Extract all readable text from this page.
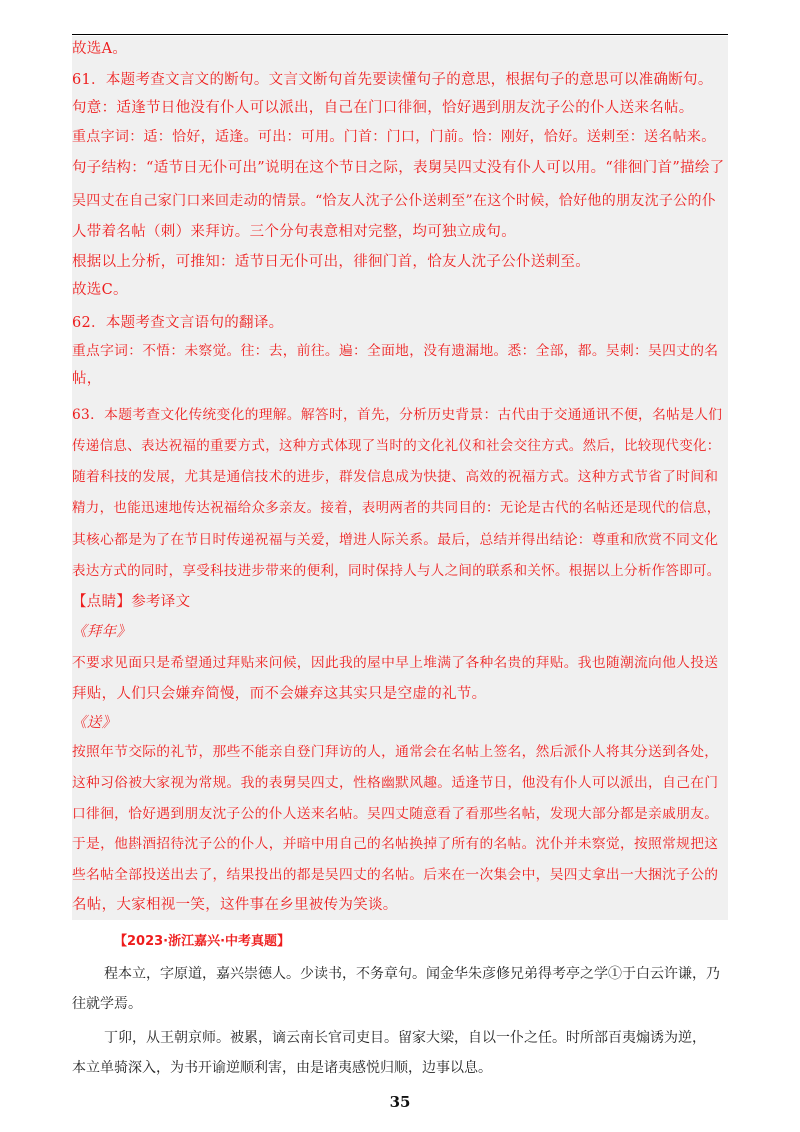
故选A。

61．本题考查文言文的断句。文言文断句首先要读懂句子的意思，根据句子的意思可以准确断句。

句意：适逢节日他没有仆人可以派出，自己在门口徘徊，恰好遇到朋友沈子公的仆人送来名帖。

重点字词：适：恰好，适逢。可出：可用。门首：门口，门前。恰：刚好，恰好。送剌至：送名帖来。

句子结构：“适节日无仆可出”说明在这个节日之际，表舅吴四丈没有仆人可以用。“徘徊门首”描绘了

吴四丈在自己家门口来回走动的情景。“恰友人沈子公仆送剌至”在这个时候，恰好他的朋友沈子公的仆

人带着名帖（刺）来拜访。三个分句表意相对完整，均可独立成句。

根据以上分析，可推知：适节日无仆可出，徘徊门首，恰友人沈子公仆送剌至。

故选C。

62．本题考查文言语句的翻译。

重点字词：不悟：未察觉。往：去，前往。遍：全面地，没有遗漏地。悉：全部，都。吴刺：吴四丈的名

帖，

63．本题考查文化传统变化的理解。解答时，首先，分析历史背景：古代由于交通通讯不便，名帖是人们

传递信息、表达祝福的重要方式，这种方式体现了当时的文化礼仪和社会交往方式。然后，比较现代变化：

随着科技的发展，尤其是通信技术的进步，群发信息成为快捷、高效的祝福方式。这种方式节省了时间和

精力，也能迅速地传达祝福给众多亲友。接着，表明两者的共同目的：无论是古代的名帖还是现代的信息，

其核心都是为了在节日时传递祝福与关爱，增进人际关系。最后，总结并得出结论：尊重和欣赏不同文化

表达方式的同时，享受科技进步带来的便利，同时保持人与人之间的联系和关怀。根据以上分析作答即可。

【点睛】参考译文

《拜年》

不要求见面只是希望通过拜贴来问候，因此我的屋中早上堆满了各种名贵的拜贴。我也随潮流向他人投送

拜贴，人们只会嫌弃简慢，而不会嫌弃这其实只是空虚的礼节。

《送》

按照年节交际的礼节，那些不能亲自登门拜访的人，通常会在名帖上签名，然后派仆人将其分送到各处，

这种习俗被大家视为常规。我的表舅吴四丈，性格幽默风趣。适逢节日，他没有仆人可以派出，自己在门

口徘徊，恰好遇到朋友沈子公的仆人送来名帖。吴四丈随意看了看那些名帖，发现大部分都是亲戚朋友。

于是，他斟酒招待沈子公的仆人，并暗中用自己的名帖换掉了所有的名帖。沈仆并未察觉，按照常规把这

些名帖全部投送出去了，结果投出的都是吴四丈的名帖。后来在一次集会中，吴四丈拿出一大捆沈子公的

名帖，大家相视一笑，这件事在乡里被传为笑谈。

【2023·浙江嘉兴·中考真题】

程本立，字原道，嘉兴崇德人。少读书，不务章句。闻金华朱彦修兄弟得考亭之学①于白云许谦，乃

往就学焉。

丁卯，从王朝京师。被累，谪云南长官司吏目。留家大梁，自以一仆之任。时所部百夷煽诱为逆，

本立单骑深入，为书开谕逆顺利害，由是诸夷感悦归顺，边事以息。

35
